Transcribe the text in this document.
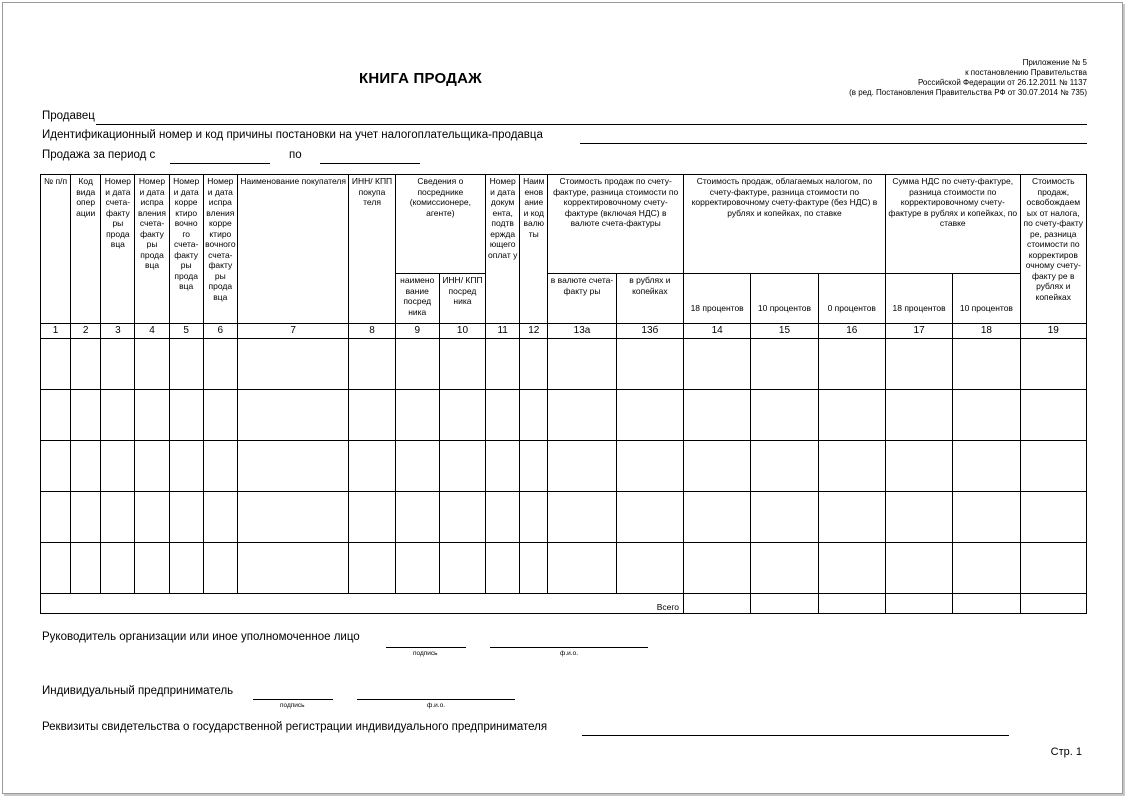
Приложение № 5
к постановлению Правительства
Российской Федерации от 26.12.2011 № 1137
(в ред. Постановления Правительства РФ от 30.07.2014 № 735)
КНИГА ПРОДАЖ
Продавец
Идентификационный номер и код причины постановки на учет налогоплательщика-продавца
Продажа за период с	по
№ п/п	Код вида опер ации	Номер и дата счета-факту ры прода вца	Номер и дата испра вления счета-факту ры прода вца	Номер и дата корре ктиро вочно го счета-факту ры прода вца	Номер и дата испра вления корре ктиро вочного счета-факту ры прода вца	Наименование покупателя	ИНН/ КПП покупа теля	Сведения о посреднике (комиссионере, агенте)		Номер и дата докум ента, подтв ержда ющего оплат у	Наим енов ание и код валю ты	Стоимость продаж по счету-фактуре, разница стоимости по корректировочному счету-фактуре (включая НДС) в валюте счета-фактуры		Стоимость продаж, облагаемых налогом, по счету-фактуре, разница стоимости по корректировочному счету-фактуре (без НДС) в рублях и копейках, по ставке			Сумма НДС по счету-фактуре, разница стоимости по корректировочному счету-фактуре в рублях и копейках, по ставке		Стоимость продаж, освобождаем ых от налога, по счету-факту ре, разница стоимости по корректиров очному счету-факту ре в рублях и копейках
								наимено вание посред ника	ИНН/ КПП посред ника			в валюте счета-факту ры	в рублях и копейках	18 процентов	10 процентов	0 процентов	18 процентов	10 процентов	
1	2	3	4	5	6	7	8	9	10	11	12	13а	13б	14	15	16	17	18	19

Всего																			
Руководитель организации или иное уполномоченное лицо
подпись	ф.и.о.
Индивидуальный предприниматель
подпись	ф.и.о.
Реквизиты свидетельства о государственной регистрации индивидуального предпринимателя
Стр. 1
